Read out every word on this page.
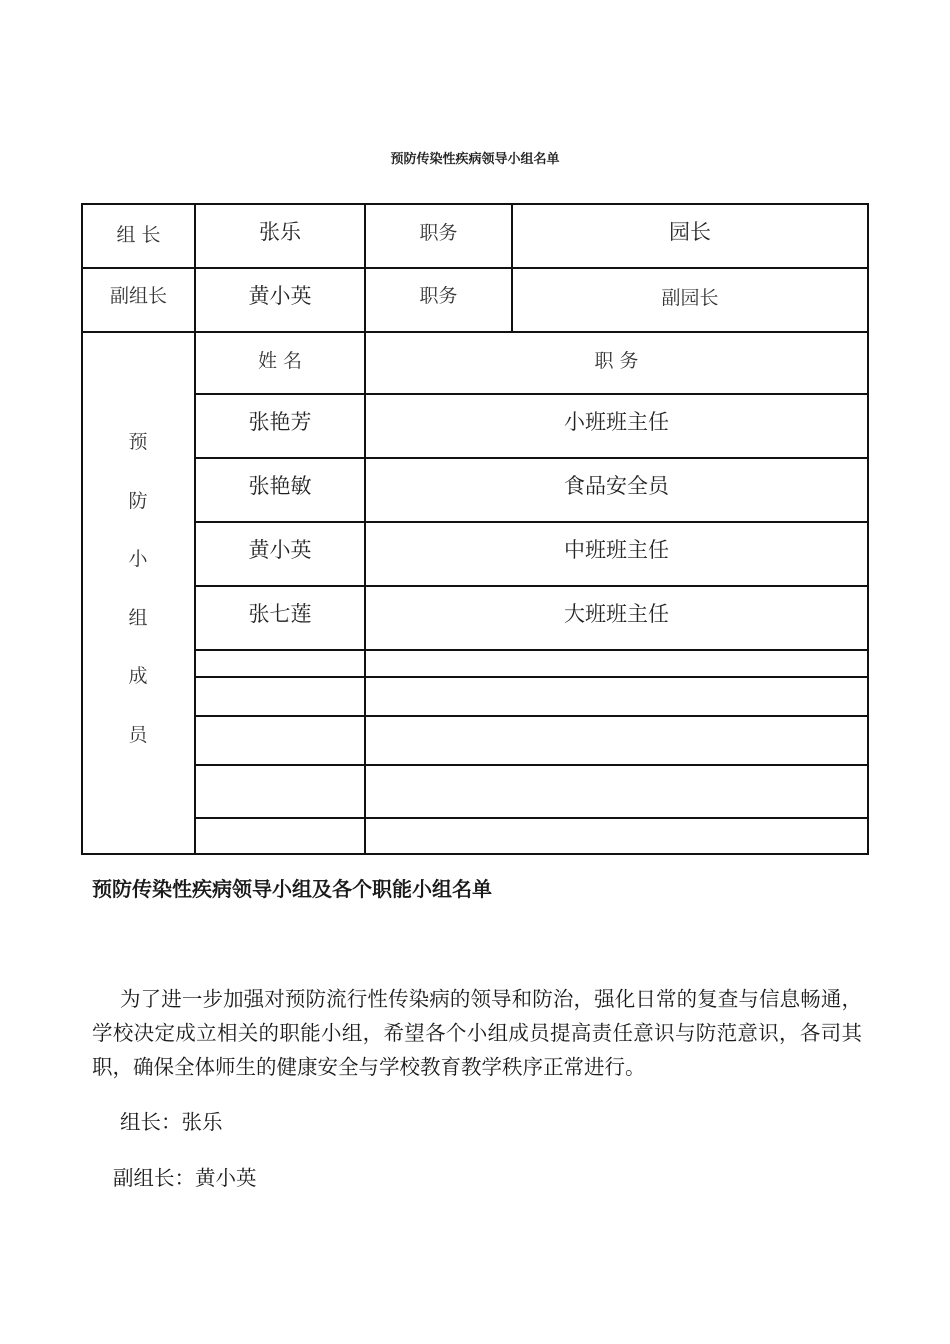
预防传染性疾病领导小组名单
组 长	张乐	职务	园长
副组长	黄小英	职务	副园长
预
防
小
组
成
员
姓 名	职 务
张艳芳	小班班主任
张艳敏	食品安全员
黄小英	中班班主任
张七莲	大班班主任
预防传染性疾病领导小组及各个职能小组名单
为了进一步加强对预防流行性传染病的领导和防治，强化日常的复查与信息畅通，学校决定成立相关的职能小组，希望各个小组成员提高责任意识与防范意识，各司其职，确保全体师生的健康安全与学校教育教学秩序正常进行。
组长：张乐
副组长：黄小英
